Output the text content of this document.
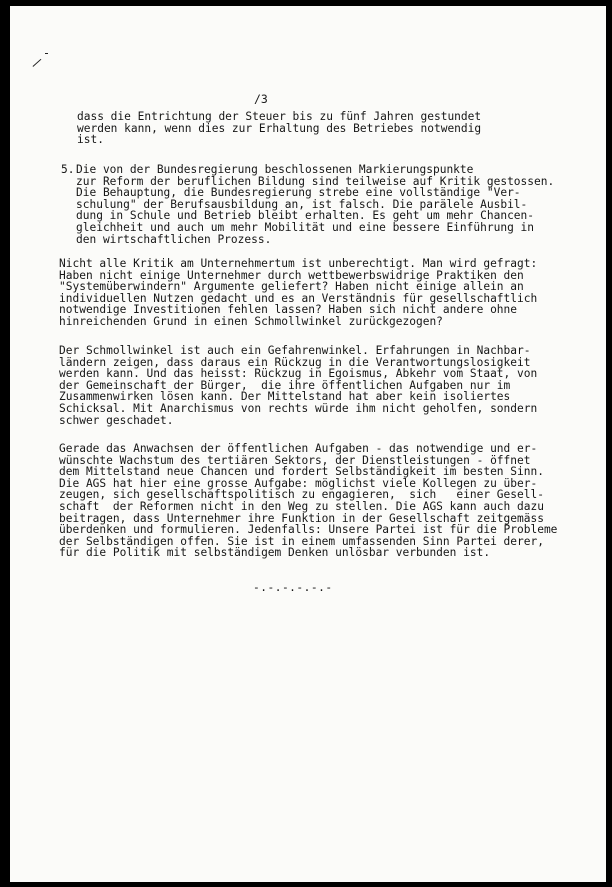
/3

dass die Entrichtung der Steuer bis zu fünf Jahren gestundet
werden kann, wenn dies zur Erhaltung des Betriebes notwendig
ist.

5. Die von der Bundesregierung beschlossenen Markierungspunkte
zur Reform der beruflichen Bildung sind teilweise auf Kritik gestossen.
Die Behauptung, die Bundesregierung strebe eine vollständige "Ver-
schulung" der Berufsausbildung an, ist falsch. Die parälele Ausbil-
dung in Schule und Betrieb bleibt erhalten. Es geht um mehr Chancen-
gleichheit und auch um mehr Mobilität und eine bessere Einführung in
den wirtschaftlichen Prozess.

Nicht alle Kritik am Unternehmertum ist unberechtigt. Man wird gefragt:
Haben nicht einige Unternehmer durch wettbewerbswidrige Praktiken den
"Systemüberwindern" Argumente geliefert? Haben nicht einige allein an
individuellen Nutzen gedacht und es an Verständnis für gesellschaftlich
notwendige Investitionen fehlen lassen? Haben sich nicht andere ohne
hinreichenden Grund in einen Schmollwinkel zurückgezogen?

Der Schmollwinkel ist auch ein Gefahrenwinkel. Erfahrungen in Nachbar-
ländern zeigen, dass daraus ein Rückzug in die Verantwortungslosigkeit
werden kann. Und das heisst: Rückzug in Egoismus, Abkehr vom Staat, von
der Gemeinschaft der Bürger,  die ihre öffentlichen Aufgaben nur im
Zusammenwirken lösen kann. Der Mittelstand hat aber kein isoliertes
Schicksal. Mit Anarchismus von rechts würde ihm nicht geholfen, sondern
schwer geschadet.

Gerade das Anwachsen der öffentlichen Aufgaben - das notwendige und er-
wünschte Wachstum des tertiären Sektors, der Dienstleistungen - öffnet
dem Mittelstand neue Chancen und fordert Selbständigkeit im besten Sinn.
Die AGS hat hier eine grosse Aufgabe: möglichst viele Kollegen zu über-
zeugen, sich gesellschaftspolitisch zu engagieren,  sich   einer Gesell-
schaft  der Reformen nicht in den Weg zu stellen. Die AGS kann auch dazu
beitragen, dass Unternehmer ihre Funktion in der Gesellschaft zeitgemäss
überdenken und formulieren. Jedenfalls: Unsere Partei ist für die Probleme
der Selbständigen offen. Sie ist in einem umfassenden Sinn Partei derer,
für die Politik mit selbständigem Denken unlösbar verbunden ist.

-.-.-.-.-.-
